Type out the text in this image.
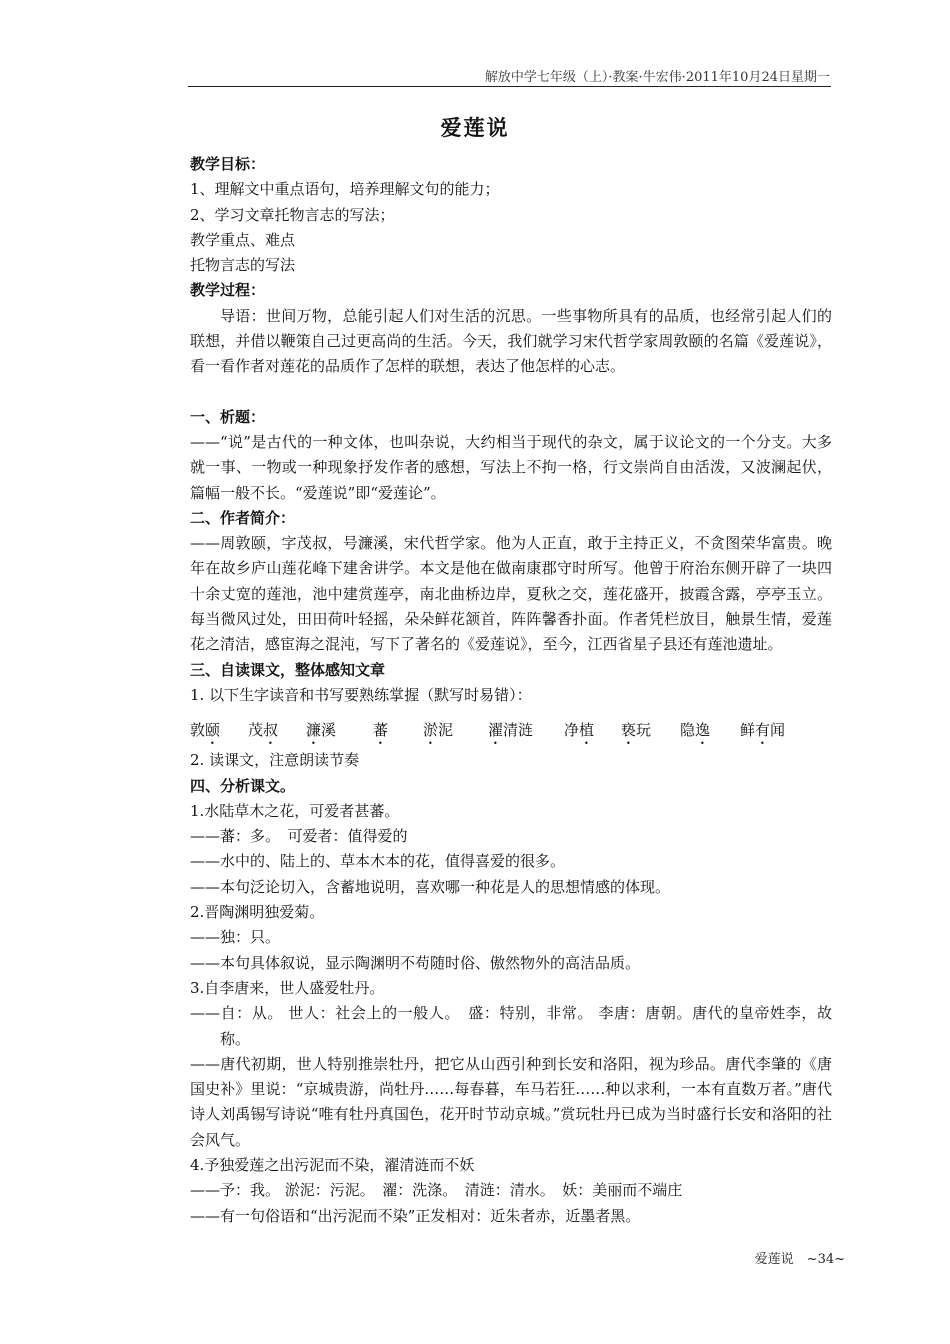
解放中学七年级（上）·教案·牛宏伟·2011年10月24日星期一
爱莲说

教学目标：

1、理解文中重点语句，培养理解文句的能力；

2、学习文章托物言志的写法；

教学重点、难点

托物言志的写法

教学过程：

导语：世间万物，总能引起人们对生活的沉思。一些事物所具有的品质，也经常引起人们的联想，并借以鞭策自己过更高尚的生活。今天，我们就学习宋代哲学家周敦颐的名篇《爱莲说》，看一看作者对莲花的品质作了怎样的联想，表达了他怎样的心志。

一、析题：

——“说”是古代的一种文体，也叫杂说，大约相当于现代的杂文，属于议论文的一个分支。大多就一事、一物或一种现象抒发作者的感想，写法上不拘一格，行文崇尚自由活泼，又波澜起伏，篇幅一般不长。“爱莲说”即“爱莲论”。

二、作者简介：

——周敦颐，字茂叔，号濂溪，宋代哲学家。他为人正直，敢于主持正义，不贪图荣华富贵。晚年在故乡庐山莲花峰下建舍讲学。本文是他在做南康郡守时所写。他曾于府治东侧开辟了一块四十余丈宽的莲池，池中建赏莲亭，南北曲桥边岸，夏秋之交，莲花盛开，披霞含露，亭亭玉立。每当微风过处，田田荷叶轻摇，朵朵鲜花颔首，阵阵馨香扑面。作者凭栏放目，触景生情，爱莲花之清洁，感宦海之混沌，写下了著名的《爱莲说》，至今，江西省星子县还有莲池遗址。

三、自读课文，整体感知文章

1. 以下生字读音和书写要熟练掌握（默写时易错）：

敦颐	茂叔	濂溪	蕃	淤泥	濯清涟	净植	亵玩	隐逸	鲜有闻

2. 读课文，注意朗读节奏

四、分析课文。

1.水陆草木之花，可爱者甚蕃。

——蕃：多。　可爱者：值得爱的

——水中的、陆上的、草本木本的花，值得喜爱的很多。

——本句泛论切入，含蓄地说明，喜欢哪一种花是人的思想情感的体现。

2.晋陶渊明独爱菊。

——独：只。

——本句具体叙说，显示陶渊明不苟随时俗、傲然物外的高洁品质。

3.自李唐来，世人盛爱牡丹。

——自：从。 世人：社会上的一般人。　盛：特别，非常。 李唐：唐朝。唐代的皇帝姓李，故称。

——唐代初期，世人特别推崇牡丹，把它从山西引种到长安和洛阳，视为珍品。唐代李肇的《唐国史补》里说：“京城贵游，尚牡丹……每春暮，车马若狂……种以求利，一本有直数万者。”唐代诗人刘禹锡写诗说“唯有牡丹真国色，花开时节动京城。”赏玩牡丹已成为当时盛行长安和洛阳的社会风气。

4.予独爱莲之出污泥而不染，濯清涟而不妖

——予：我。 淤泥：污泥。　濯：洗涤。　清涟：清水。　妖：美丽而不端庄

——有一句俗语和“出污泥而不染”正发相对：近朱者赤，近墨者黑。

爱莲说　~34~
